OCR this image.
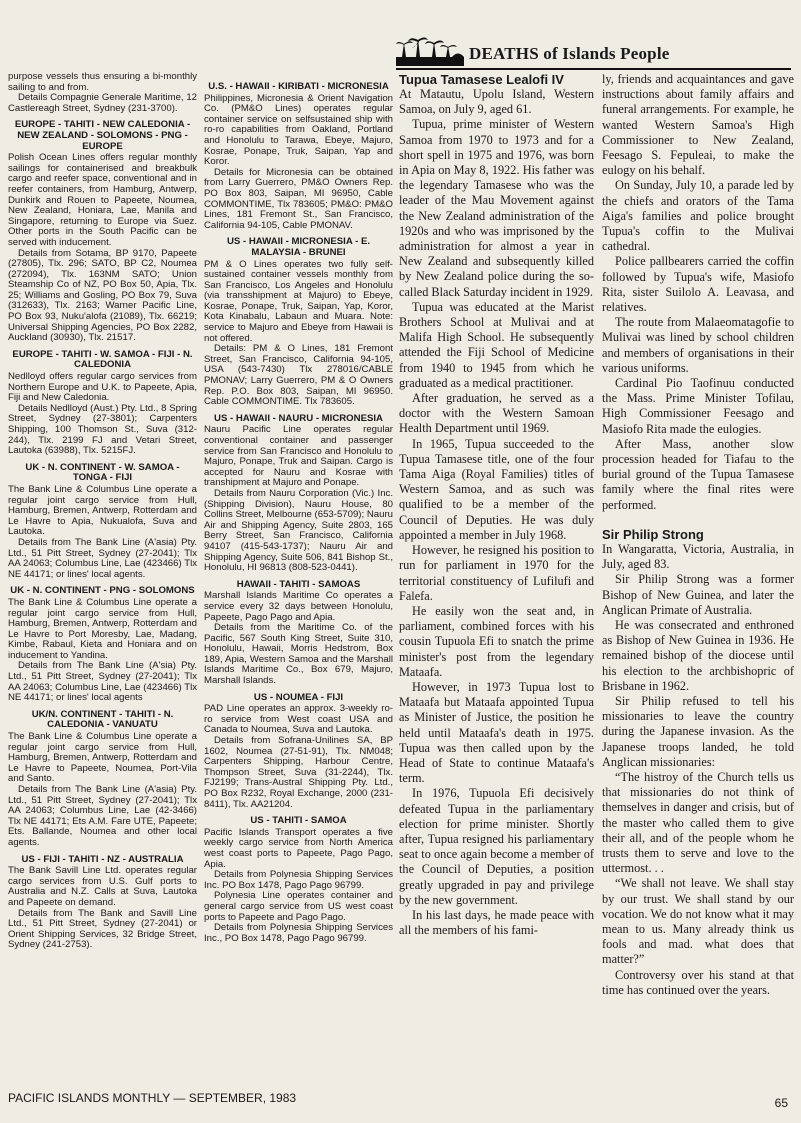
DEATHS of Islands People

purpose vessels thus ensuring a bi-monthly sailing to and from.

Details Compagnie Generale Maritime, 12 Castlereagh Street, Sydney (231-3700).

EUROPE - TAHITI - NEW CALEDONIA - NEW ZEALAND - SOLOMONS - PNG - EUROPE

Polish Ocean Lines offers regular monthly sailings for containerised and breakbulk cargo and reefer space, conventional and in reefer containers, from Hamburg, Antwerp, Dunkirk and Rouen to Papeete, Noumea, New Zealand, Honiara, Lae, Manila and Singapore, returning to Europe via Suez. Other ports in the South Pacific can be served with inducement.

Details from Sotama, BP 9170, Papeete (27805), Tlx. 296; SATO, BP C2, Noumea (272094), Tlx. 163NM SATO; Union Steamship Co of NZ, PO Box 50, Apia, Tlx. 25; Williams and Gosling, PO Box 79, Suva (312633), Tlx. 2163; Warner Pacific Line, PO Box 93, Nuku'alofa (21089), Tlx. 66219; Universal Shipping Agencies, PO Box 2282, Auckland (30930), Tlx. 21517.

EUROPE - TAHITI - W. SAMOA - FIJI - N. CALEDONIA

Nedlloyd offers regular cargo services from Northern Europe and U.K. to Papeete, Apia, Fiji and New Caledonia.

Details Nedlloyd (Aust.) Pty. Ltd., 8 Spring Street, Sydney (27-3801); Carpenters Shipping, 100 Thomson St., Suva (312-244), Tlx. 2199 FJ and Vetari Street, Lautoka (63988), Tlx. 5215FJ.

UK - N. CONTINENT - W. SAMOA - TONGA - FIJI

The Bank Line & Columbus Line operate a regular joint cargo service from Hull, Hamburg, Bremen, Antwerp, Rotterdam and Le Havre to Apia, Nukualofa, Suva and Lautoka.

Details from The Bank Line (A'asia) Pty. Ltd., 51 Pitt Street, Sydney (27-2041); Tlx AA 24063; Columbus Line, Lae (423466) Tlx NE 44171; or lines' local agents.

UK - N. CONTINENT - PNG - SOLOMONS

The Bank Line & Columbus Line operate a regular joint cargo service from Hull, Hamburg, Bremen, Antwerp, Rotterdam and Le Havre to Port Moresby, Lae, Madang, Kimbe, Rabaul, Kieta and Honiara and on inducement to Yandina.

Details from The Bank Line (A'sia) Pty. Ltd., 51 Pitt Street, Sydney (27-2041); Tlx AA 24063; Columbus Line, Lae (423466) Tlx NE 44171; or lines' local agents

UK/N. CONTINENT - TAHITI - N. CALEDONIA - VANUATU

The Bank Line & Columbus Line operate a regular joint cargo service from Hull, Hamburg, Bremen, Antwerp, Rotterdam and Le Havre to Papeete, Noumea, Port-Vila and Santo.

Details from The Bank Line (A'asia) Pty. Ltd., 51 Pitt Street, Sydney (27-2041); Tlx AA 24063; Columbus Line, Lae (42-3466) Tlx NE 44171; Ets A.M. Fare UTE, Papeete; Ets. Ballande, Noumea and other local agents.

US - FIJI - TAHITI - NZ - AUSTRALIA

The Bank Savill Line Ltd. operates regular cargo services from U.S. Gulf ports to Australia and N.Z. Calls at Suva, Lautoka and Papeete on demand.

Details from The Bank and Savill Line Ltd., 51 Pitt Street, Sydney (27-2041) or Orient Shipping Services, 32 Bridge Street, Sydney (241-2753).

U.S. - HAWAII - KIRIBATI - MICRONESIA

Philippines, Micronesia & Orient Navigation Co. (PM&O Lines) operates regular container service on selfsustained ship with ro-ro capabilities from Oakland, Portland and Honolulu to Tarawa, Ebeye, Majuro, Kosrae, Ponape, Truk, Saipan, Yap and Koror.

Details for Micronesia can be obtained from Larry Guerrero, PM&O Owners Rep. PO Box 803, Saipan, MI 96950, Cable COMMONTIME, Tlx 783605; PM&O: PM&O Lines, 181 Fremont St., San Francisco, California 94-105, Cable PMONAV.

US - HAWAII - MICRONESIA - E. MALAYSIA - BRUNEI

PM & O Lines operates two fully self-sustained container vessels monthly from San Francisco, Los Angeles and Honolulu (via transshipment at Majuro) to Ebeye, Kosrae, Ponape, Truk, Saipan, Yap, Koror, Kota Kinabalu, Labaun and Muara. Note: service to Majuro and Ebeye from Hawaii is not offered.

Details: PM & O Lines, 181 Fremont Street, San Francisco, California 94-105, USA (543-7430) Tlx 278016/CABLE PMONAV; Larry Guerrero, PM & O Owners Rep. P.O. Box 803, Saipan, MI 96950. Cable COMMONTIME. Tlx 783605.

US - HAWAII - NAURU - MICRONESIA

Nauru Pacific Line operates regular conventional container and passenger service from San Francisco and Honolulu to Majuro, Ponape, Truk and Saipan. Cargo is accepted for Nauru and Kosrae with transhipment at Majuro and Ponape.

Details from Nauru Corporation (Vic.) Inc. (Shipping Division), Nauru House, 80 Collins Street, Melbourne (653-5709); Nauru Air and Shipping Agency, Suite 2803, 165 Berry Street, San Francisco, California 94107 (415-543-1737); Nauru Air and Shipping Agency, Suite 506, 841 Bishop St., Honolulu, HI 96813 (808-523-0441).

HAWAII - TAHITI - SAMOAS

Marshall Islands Maritime Co operates a service every 32 days between Honolulu, Papeete, Pago Pago and Apia.

Details from the Maritime Co. of the Pacific, 567 South King Street, Suite 310, Honolulu, Hawaii, Morris Hedstrom, Box 189, Apia, Western Samoa and the Marshall Islands Maritime Co., Box 679, Majuro, Marshall Islands.

US - NOUMEA - FIJI

PAD Line operates an approx. 3-weekly ro-ro service from West coast USA and Canada to Noumea, Suva and Lautoka.

Details from Sofrana-Unilines SA, BP 1602, Noumea (27-51-91), Tlx. NM048; Carpenters Shipping, Harbour Centre, Thompson Street, Suva (31-2244), Tlx. FJ2199; Trans-Austral Shipping Pty. Ltd., PO Box R232, Royal Exchange, 2000 (231-8411), Tlx. AA21204.

US - TAHITI - SAMOA

Pacific Islands Transport operates a five weekly cargo service from North America west coast ports to Papeete, Pago Pago, Apia.

Details from Polynesia Shipping Services Inc. PO Box 1478, Pago Pago 96799.

Polynesia Line operates container and general cargo service from US west coast ports to Papeete and Pago Pago.

Details from Polynesia Shipping Services Inc., PO Box 1478, Pago Pago 96799.

Tupua Tamasese Lealofi IV

At Matautu, Upolu Island, Western Samoa, on July 9, aged 61.

Tupua, prime minister of Western Samoa from 1970 to 1973 and for a short spell in 1975 and 1976, was born in Apia on May 8, 1922. His father was the legendary Tamasese who was the leader of the Mau Movement against the New Zealand administration of the 1920s and who was imprisoned by the administration for almost a year in New Zealand and subsequently killed by New Zealand police during the so-called Black Saturday incident in 1929.

Tupua was educated at the Marist Brothers School at Mulivai and at Malifa High School. He subsequently attended the Fiji School of Medicine from 1940 to 1945 from which he graduated as a medical practitioner.

After graduation, he served as a doctor with the Western Samoan Health Department until 1969.

In 1965, Tupua succeeded to the Tupua Tamasese title, one of the four Tama Aiga (Royal Families) titles of Western Samoa, and as such was qualified to be a member of the Council of Deputies. He was duly appointed a member in July 1968.

However, he resigned his position to run for parliament in 1970 for the territorial constituency of Lufilufi and Falefa.

He easily won the seat and, in parliament, combined forces with his cousin Tupuola Efi to snatch the prime minister's post from the legendary Mataafa.

However, in 1973 Tupua lost to Mataafa but Mataafa appointed Tupua as Minister of Justice, the position he held until Mataafa's death in 1975. Tupua was then called upon by the Head of State to continue Mataafa's term.

In 1976, Tupuola Efi decisively defeated Tupua in the parliamentary election for prime minister. Shortly after, Tupua resigned his parliamentary seat to once again become a member of the Council of Deputies, a position greatly upgraded in pay and privilege by the new government.

In his last days, he made peace with all the members of his fami-

ly, friends and acquaintances and gave instructions about family affairs and funeral arrangements. For example, he wanted Western Samoa's High Commissioner to New Zealand, Feesago S. Fepuleai, to make the eulogy on his behalf.

On Sunday, July 10, a parade led by the chiefs and orators of the Tama Aiga's families and police brought Tupua's coffin to the Mulivai cathedral.

Police pallbearers carried the coffin followed by Tupua's wife, Masiofo Rita, sister Suilolo A. Leavasa, and relatives.

The route from Malaeomatagofie to Mulivai was lined by school children and members of organisations in their various uniforms.

Cardinal Pio Taofinuu conducted the Mass. Prime Minister Tofilau, High Commissioner Feesago and Masiofo Rita made the eulogies.

After Mass, another slow procession headed for Tiafau to the burial ground of the Tupua Tamasese family where the final rites were performed.

Sir Philip Strong

In Wangaratta, Victoria, Australia, in July, aged 83.

Sir Philip Strong was a former Bishop of New Guinea, and later the Anglican Primate of Australia.

He was consecrated and enthroned as Bishop of New Guinea in 1936. He remained bishop of the diocese until his election to the archbishopric of Brisbane in 1962.

Sir Philip refused to tell his missionaries to leave the country during the Japanese invasion. As the Japanese troops landed, he told Anglican missionaries:

“The histroy of the Church tells us that missionaries do not think of themselves in danger and crisis, but of the master who called them to give their all, and of the people whom he trusts them to serve and love to the uttermost. . .

“We shall not leave. We shall stay by our trust. We shall stand by our vocation. We do not know what it may mean to us. Many already think us fools and mad. what does that matter?”

Controversy over his stand at that time has continued over the years.

PACIFIC ISLANDS MONTHLY — SEPTEMBER, 1983	65
